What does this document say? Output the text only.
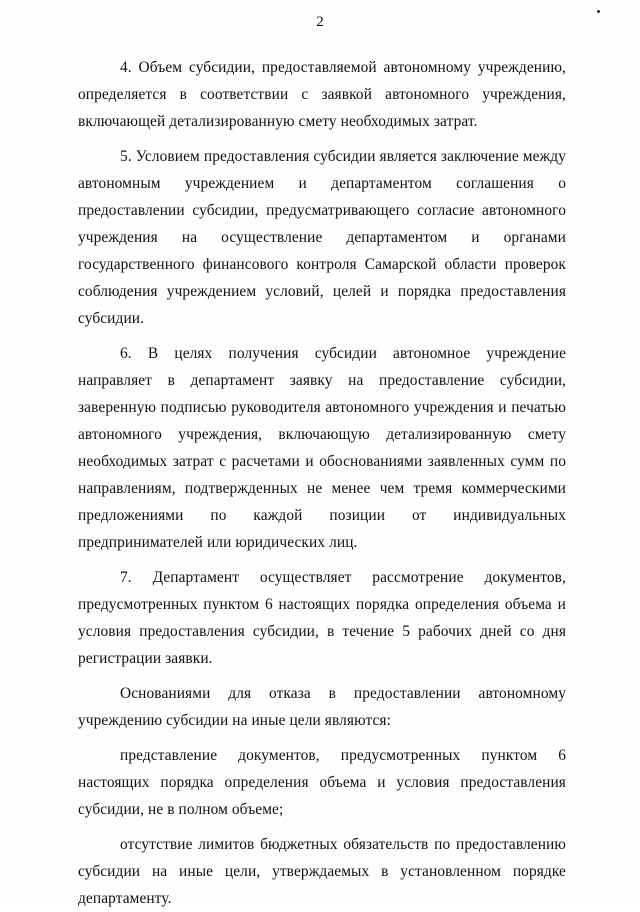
2

4. Объем субсидии, предоставляемой автономному учреждению, определяется в соответствии с заявкой автономного учреждения, включающей детализированную смету необходимых затрат.

5. Условием предоставления субсидии является заключение между автономным учреждением и департаментом соглашения о предоставлении субсидии, предусматривающего согласие автономного учреждения на осуществление департаментом и органами государственного финансового контроля Самарской области проверок соблюдения учреждением условий, целей и порядка предоставления субсидии.

6. В целях получения субсидии автономное учреждение направляет в департамент заявку на предоставление субсидии, заверенную подписью руководителя автономного учреждения и печатью автономного учреждения, включающую детализированную смету необходимых затрат с расчетами и обоснованиями заявленных сумм по направлениям, подтвержденных не менее чем тремя коммерческими предложениями по каждой позиции от индивидуальных предпринимателей или юридических лиц.

7. Департамент осуществляет рассмотрение документов, предусмотренных пунктом 6 настоящих порядка определения объема и условия предоставления субсидии, в течение 5 рабочих дней со дня регистрации заявки.

Основаниями для отказа в предоставлении автономному учреждению субсидии на иные цели являются:

представление документов, предусмотренных пунктом 6 настоящих порядка определения объема и условия предоставления субсидии, не в полном объеме;

отсутствие лимитов бюджетных обязательств по предоставлению субсидии на иные цели, утверждаемых в установленном порядке департаменту.
